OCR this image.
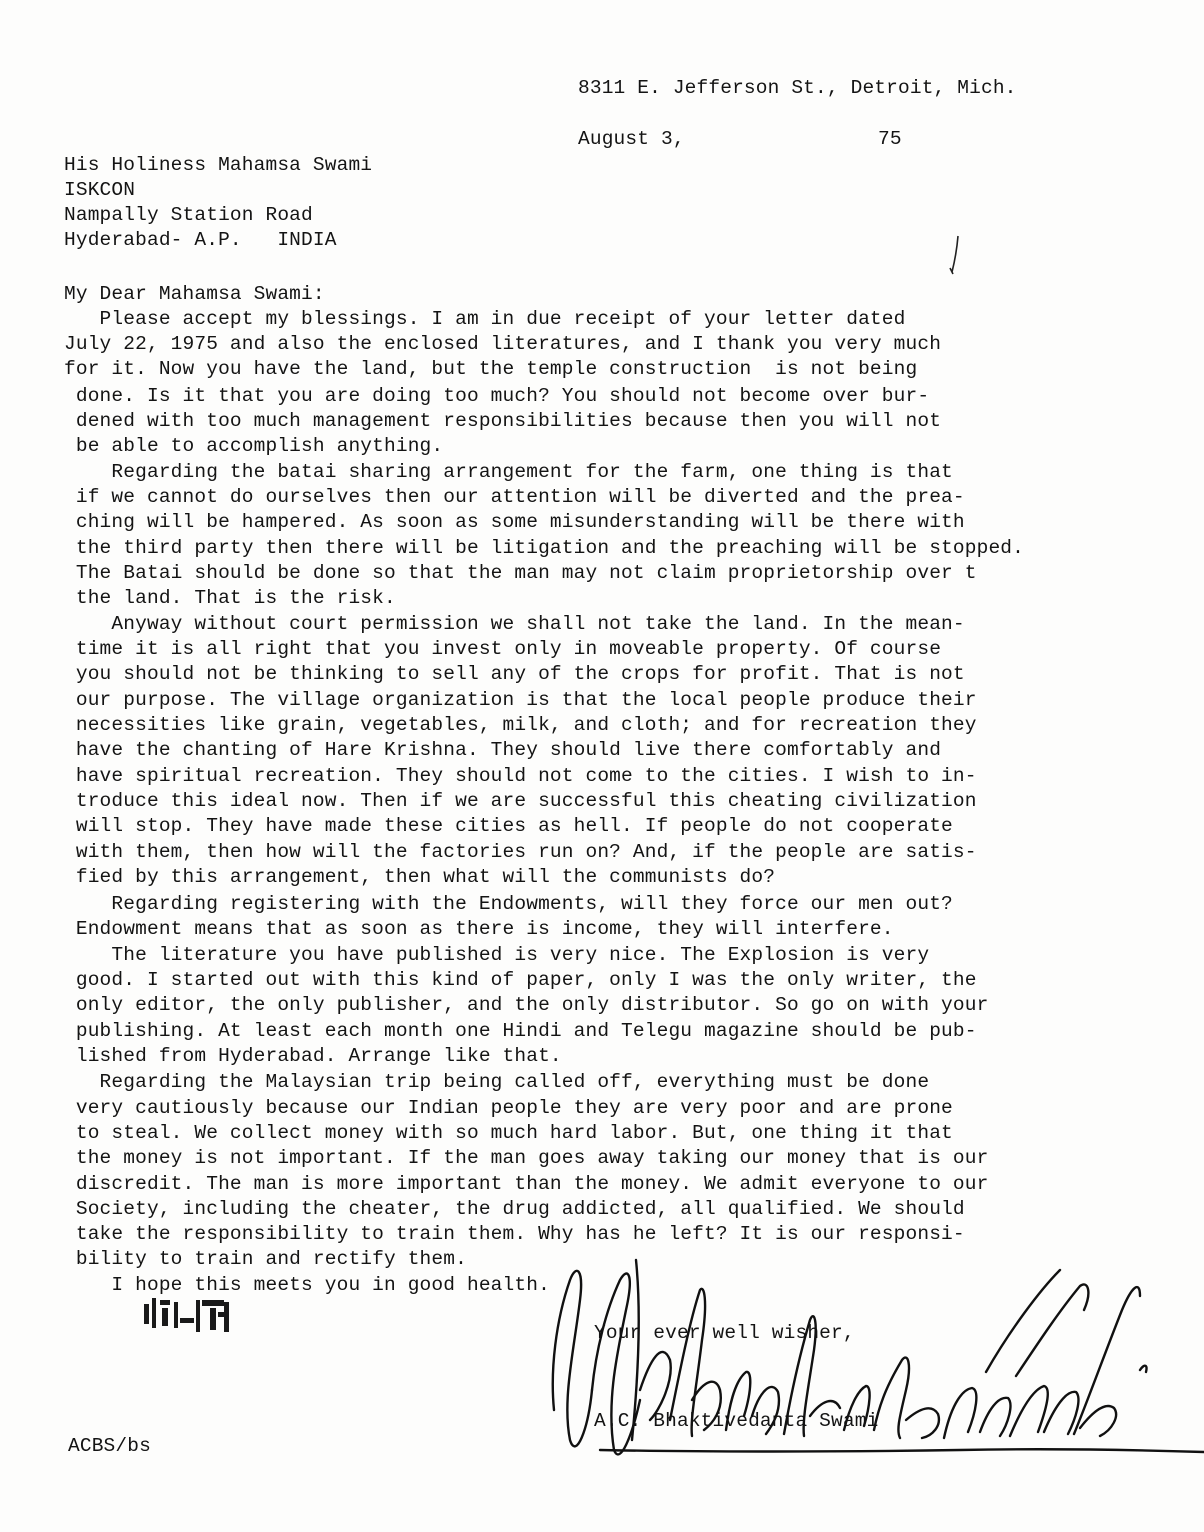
8311 E. Jefferson St., Detroit, Mich.
August 3,	75
His Holiness Mahamsa Swami
ISKCON
Nampally Station Road
Hyderabad- A.P.   INDIA
My Dear Mahamsa Swami:
Please accept my blessings. I am in due receipt of your letter dated
July 22, 1975 and also the enclosed literatures, and I thank you very much
for it. Now you have the land, but the temple construction  is not being
done. Is it that you are doing too much? You should not become over bur-
dened with too much management responsibilities because then you will not
be able to accomplish anything.
Regarding the batai sharing arrangement for the farm, one thing is that
if we cannot do ourselves then our attention will be diverted and the prea-
ching will be hampered. As soon as some misunderstanding will be there with
the third party then there will be litigation and the preaching will be stopped.
The Batai should be done so that the man may not claim proprietorship over t
the land. That is the risk.
Anyway without court permission we shall not take the land. In the mean-
time it is all right that you invest only in moveable property. Of course
you should not be thinking to sell any of the crops for profit. That is not
our purpose. The village organization is that the local people produce their
necessities like grain, vegetables, milk, and cloth; and for recreation they
have the chanting of Hare Krishna. They should live there comfortably and
have spiritual recreation. They should not come to the cities. I wish to in-
troduce this ideal now. Then if we are successful this cheating civilization
will stop. They have made these cities as hell. If people do not cooperate
with them, then how will the factories run on? And, if the people are satis-
fied by this arrangement, then what will the communists do?
Regarding registering with the Endowments, will they force our men out?
Endowment means that as soon as there is income, they will interfere.
The literature you have published is very nice. The Explosion is very
good. I started out with this kind of paper, only I was the only writer, the
only editor, the only publisher, and the only distributor. So go on with your
publishing. At least each month one Hindi and Telegu magazine should be pub-
lished from Hyderabad. Arrange like that.
Regarding the Malaysian trip being called off, everything must be done
very cautiously because our Indian people they are very poor and are prone
to steal. We collect money with so much hard labor. But, one thing it that
the money is not important. If the man goes away taking our money that is our
discredit. The man is more important than the money. We admit everyone to our
Society, including the cheater, the drug addicted, all qualified. We should
take the responsibility to train them. Why has he left? It is our responsi-
bility to train and rectify them.
I hope this meets you in good health.
Your ever well wisher,
A.C. Bhaktivedanta Swami
ACBS/bs
